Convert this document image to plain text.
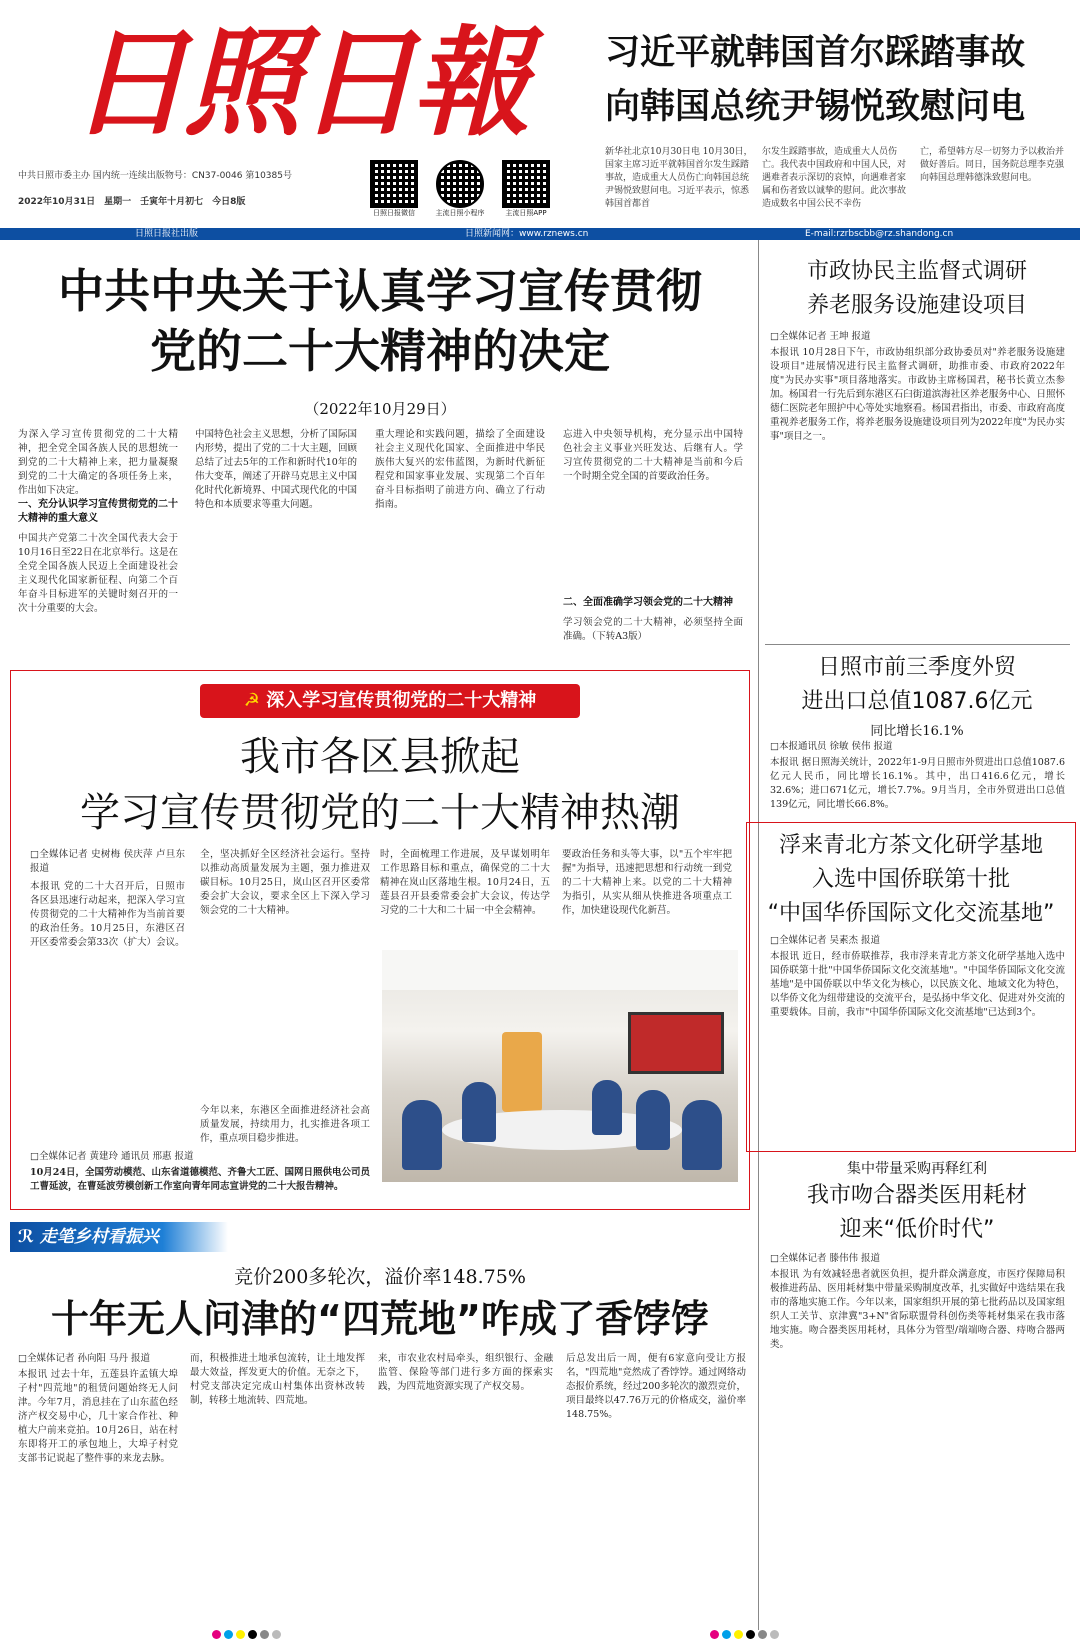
日照日報 习近平就韩国首尔踩踏事故
向韩国总统尹锡悦致慰问电
中共日照市委主办 国内统一连续出版物号：CN37-0046 第10385号
2022年10月31日　星期一　壬寅年十月初七　今日8版
日照日报微信	主流日照小程序	主流日照APP
新华社北京10月30日电 10月30日，国家主席习近平就韩国首尔发生踩踏事故，造成重大人员伤亡向韩国总统尹锡悦致慰问电。习近平表示，惊悉韩国首都首
尔发生踩踏事故，造成重大人员伤亡。我代表中国政府和中国人民，对遇难者表示深切的哀悼，向遇难者家属和伤者致以诚挚的慰问。此次事故造成数名中国公民不幸伤
亡，希望韩方尽一切努力予以救治并做好善后。同日，国务院总理李克强向韩国总理韩德洙致慰问电。
日照日报社出版	日照新闻网：www.rznews.cn	E-mail:rzrbscbb@rz.shandong.cn
中共中央关于认真学习宣传贯彻
党的二十大精神的决定
（2022年10月29日）
为深入学习宣传贯彻党的二十大精神，把全党全国各族人民的思想统一到党的二十大精神上来，把力量凝聚到党的二十大确定的各项任务上来，作出如下决定。
一、充分认识学习宣传贯彻党的二十大精神的重大意义
中国共产党第二十次全国代表大会于10月16日至22日在北京举行。这是在全党全国各族人民迈上全面建设社会主义现代化国家新征程、向第二个百年奋斗目标进军的关键时刻召开的一次十分重要的大会。
中国特色社会主义思想，分析了国际国内形势，提出了党的二十大主题，回顾总结了过去5年的工作和新时代10年的伟大变革，阐述了开辟马克思主义中国化时代化新境界、中国式现代化的中国特色和本质要求等重大问题。
重大理论和实践问题，描绘了全面建设社会主义现代化国家、全面推进中华民族伟大复兴的宏伟蓝图，为新时代新征程党和国家事业发展、实现第二个百年奋斗目标指明了前进方向、确立了行动指南。
忘进入中央领导机构，充分显示出中国特色社会主义事业兴旺发达、后继有人。学习宣传贯彻党的二十大精神是当前和今后一个时期全党全国的首要政治任务。
二、全面准确学习领会党的二十大精神
学习领会党的二十大精神，必须坚持全面准确。（下转A3版）
☭ 深入学习宣传贯彻党的二十大精神
我市各区县掀起
学习宣传贯彻党的二十大精神热潮
□全媒体记者 史树梅 侯庆萍 卢旦东 报道
本报讯 党的二十大召开后，日照市各区县迅速行动起来，把深入学习宣传贯彻党的二十大精神作为当前首要的政治任务。10月25日，东港区召开区委常委会第33次（扩大）会议。
全，坚决抓好全区经济社会运行。坚持以推动高质量发展为主题，强力推进双碳目标。10月25日，岚山区召开区委常委会扩大会议，要求全区上下深入学习领会党的二十大精神。
时，全面梳理工作进展，及早谋划明年工作思路目标和重点，确保党的二十大精神在岚山区落地生根。10月24日，五莲县召开县委常委会扩大会议，传达学习党的二十大和二十届一中全会精神。
要政治任务和头等大事，以"五个牢牢把握"为指导，迅速把思想和行动统一到党的二十大精神上来。以党的二十大精神为指引，从实从细从快推进各项重点工作，加快建设现代化新莒。
今年以来，东港区全面推进经济社会高质量发展，持续用力，扎实推进各项工作，重点项目稳步推进。
□全媒体记者 黄建玲 通讯员 邢惠 报道
10月24日，全国劳动模范、山东省道德模范、齐鲁大工匠、国网日照供电公司员工曹延波，在曹延波劳模创新工作室向青年同志宣讲党的二十大报告精神。
市政协民主监督式调研
养老服务设施建设项目
□全媒体记者 王坤 报道
本报讯 10月28日下午，市政协组织部分政协委员对"养老服务设施建设项目"进展情况进行民主监督式调研，助推市委、市政府2022年度"为民办实事"项目落地落实。市政协主席杨国君，秘书长黄立杰参加。杨国君一行先后到东港区石臼街道滨海社区养老服务中心、日照怀德仁医院老年照护中心等处实地察看。杨国君指出，市委、市政府高度重视养老服务工作，将养老服务设施建设项目列为2022年度"为民办实事"项目之一。
日照市前三季度外贸
进出口总值1087.6亿元
同比增长16.1%
□本报通讯员 徐敏 侯伟 报道
本报讯 据日照海关统计，2022年1-9月日照市外贸进出口总值1087.6亿元人民币，同比增长16.1%。其中，出口416.6亿元，增长32.6%；进口671亿元，增长7.7%。9月当月，全市外贸进出口总值139亿元，同比增长66.8%。
浮来青北方茶文化研学基地
入选中国侨联第十批
“中国华侨国际文化交流基地”
□全媒体记者 吴素杰 报道
本报讯 近日，经市侨联推荐，我市浮来青北方茶文化研学基地入选中国侨联第十批"中国华侨国际文化交流基地"。"中国华侨国际文化交流基地"是中国侨联以中华文化为核心，以民族文化、地域文化为特色，以华侨文化为纽带建设的交流平台，是弘扬中华文化、促进对外交流的重要载体。目前，我市"中国华侨国际文化交流基地"已达到3个。
集中带量采购再释红利
我市吻合器类医用耗材
迎来“低价时代”
□全媒体记者 滕伟伟 报道
本报讯 为有效减轻患者就医负担，提升群众满意度，市医疗保障局积极推进药品、医用耗材集中带量采购制度改革，扎实做好中选结果在我市的落地实施工作。今年以来，国家组织开展的第七批药品以及国家组织人工关节、京津冀"3+N"省际联盟骨科创伤类等耗材集采在我市落地实施。吻合器类医用耗材，具体分为管型/端端吻合器、痔吻合器两类。
ℛ 走笔乡村看振兴
竞价200多轮次，溢价率148.75%
十年无人问津的“四荒地”咋成了香饽饽
□全媒体记者 孙向阳 马丹 报道
本报讯 过去十年，五莲县许孟镇大埠子村"四荒地"的租赁问题始终无人问津。今年7月，消息挂在了山东蓝色经济产权交易中心，几十家合作社、种植大户前来竞拍。10月26日，站在村东即将开工的承包地上，大埠子村党支部书记说起了整件事的来龙去脉。
而，积极推进土地承包流转，让土地发挥最大效益，挥发更大的价值。无奈之下，村党支部决定完成山村集体出资林改转制，转移土地流转、四荒地。
来，市农业农村局牵头，组织银行、金融监管、保险等部门进行多方面的探索实践，为四荒地资源实现了产权交易。
后总发出后一周，便有6家意向受让方报名，"四荒地"竞然成了香饽饽。通过网络动态报价系统，经过200多轮次的激烈竞价，项目最终以47.76万元的价格成交，溢价率148.75%。
